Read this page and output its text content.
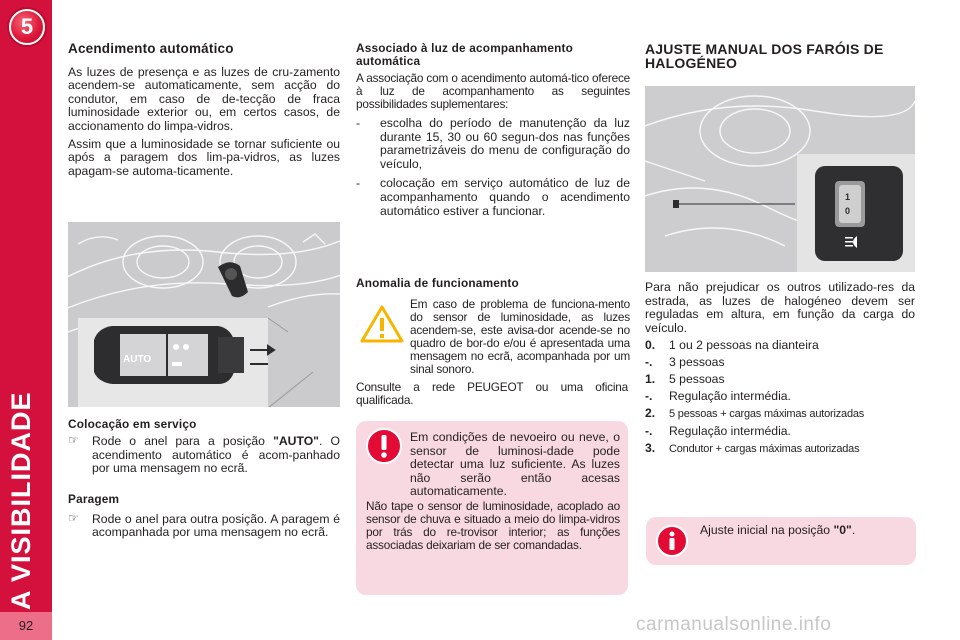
5
A VISIBILIDADE
92
Acendimento automático

As luzes de presença e as luzes de cru-zamento acendem-se automaticamente, sem acção do condutor, em caso de de-tecção de fraca luminosidade exterior ou, em certos casos, de accionamento do limpa-vidros.

Assim que a luminosidade se tornar suficiente ou após a paragem dos lim-pa-vidros, as luzes apagam-se automa-ticamente.

AUTO
Colocação em serviço
☞ Rode o anel para a posição "AUTO". O acendimento automático é acom-panhado por uma mensagem no ecrã.
Paragem
☞ Rode o anel para outra posição. A paragem é acompanhada por uma mensagem no ecrã.
Associado à luz de acompanhamento automática

A associação com o acendimento automá-tico oferece à luz de acompanhamento as seguintes possibilidades suplementares:

- escolha do período de manutenção da luz durante 15, 30 ou 60 segun-dos nas funções parametrizáveis do menu de configuração do veículo,
- colocação em serviço automático de luz de acompanhamento quando o acendimento automático estiver a funcionar.
Anomalia de funcionamento
Em caso de problema de funciona-mento do sensor de luminosidade, as luzes acendem-se, este avisa-dor acende-se no quadro de bor-do e/ou é apresentada uma mensagem no ecrã, acompanhada por um sinal sonoro.
AJUSTE MANUAL DOS FARÓIS DE HALOGÉNEO
1
0

Para não prejudicar os outros utilizado-res da estrada, as luzes de halogéneo devem ser reguladas em altura, em função da carga do veículo.

0. 1 ou 2 pessoas na dianteira
-. 3 pessoas
1. 5 pessoas
-. Regulação intermédia.
2. 5 pessoas + cargas máximas autorizadas
-. Regulação intermédia.
3. Condutor + cargas máximas autorizadas
Ajuste inicial na posição "0".
Consulte a rede PEUGEOT ou uma oficina qualificada.
Em condições de nevoeiro ou neve, o sensor de luminosi-dade pode detectar uma luz suficiente. As luzes não serão então acesas automaticamente.
Não tape o sensor de luminosidade, acoplado ao sensor de chuva e situado a meio do limpa-vidros por trás do re-trovisor interior; as funções associadas deixariam de ser comandadas.
carmanualsonline.info
